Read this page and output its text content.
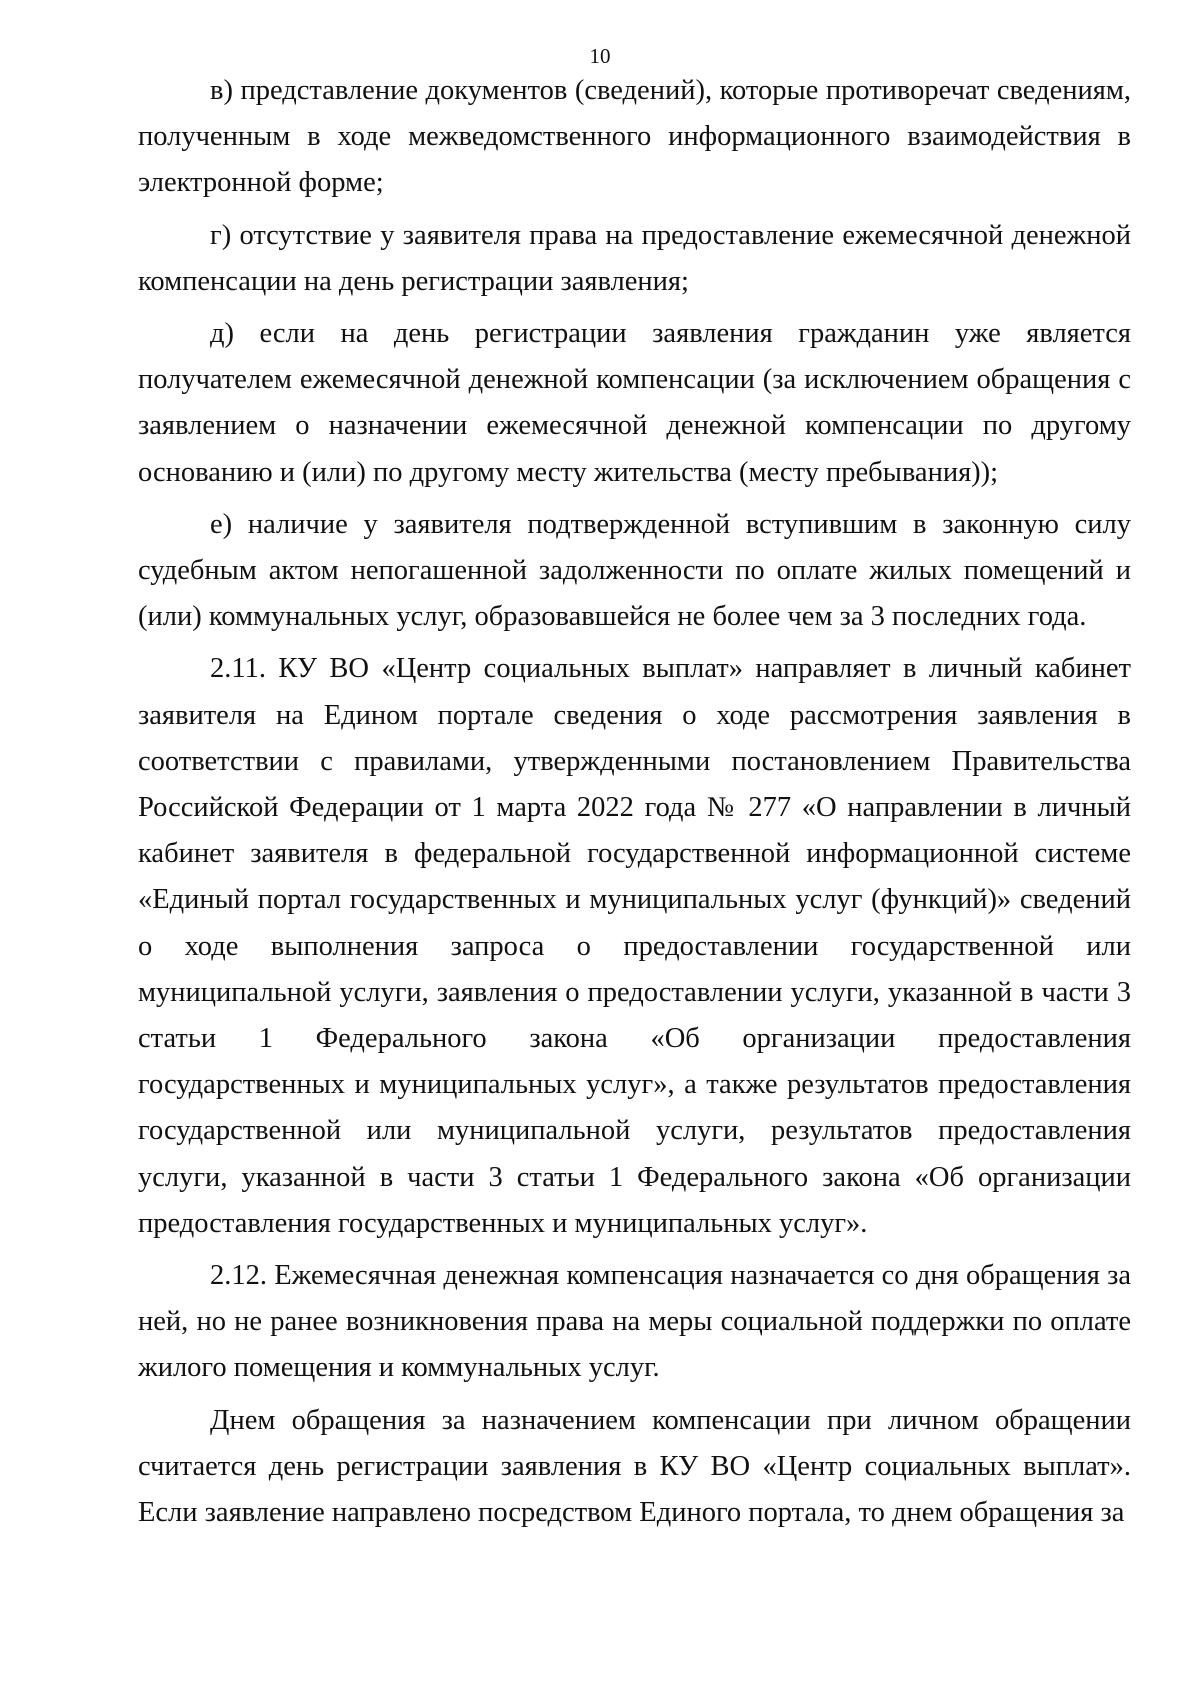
10

в) представление документов (сведений), которые противоречат сведениям, полученным в ходе межведомственного информационного взаимодействия в электронной форме;

г) отсутствие у заявителя права на предоставление ежемесячной денежной компенсации на день регистрации заявления;

д) если на день регистрации заявления гражданин уже является получателем ежемесячной денежной компенсации (за исключением обращения с заявлением о назначении ежемесячной денежной компенсации по другому основанию и (или) по другому месту жительства (месту пребывания));

е) наличие у заявителя подтвержденной вступившим в законную силу судебным актом непогашенной задолженности по оплате жилых помещений и (или) коммунальных услуг, образовавшейся не более чем за 3 последних года.

2.11. КУ ВО «Центр социальных выплат» направляет в личный кабинет заявителя на Едином портале сведения о ходе рассмотрения заявления в соответствии с правилами, утвержденными постановлением Правительства Российской Федерации от 1 марта 2022 года № 277 «О направлении в личный кабинет заявителя в федеральной государственной информационной системе «Единый портал государственных и муниципальных услуг (функций)» сведений о ходе выполнения запроса о предоставлении государственной или муниципальной услуги, заявления о предоставлении услуги, указанной в части 3 статьи 1 Федерального закона «Об организации предоставления государственных и муниципальных услуг», а также результатов предоставления государственной или муниципальной услуги, результатов предоставления услуги, указанной в части 3 статьи 1 Федерального закона «Об организации предоставления государственных и муниципальных услуг».

2.12. Ежемесячная денежная компенсация назначается со дня обращения за ней, но не ранее возникновения права на меры социальной поддержки по оплате жилого помещения и коммунальных услуг.

Днем обращения за назначением компенсации при личном обращении считается день регистрации заявления в КУ ВО «Центр социальных выплат». Если заявление направлено посредством Единого портала, то днем обращения за
